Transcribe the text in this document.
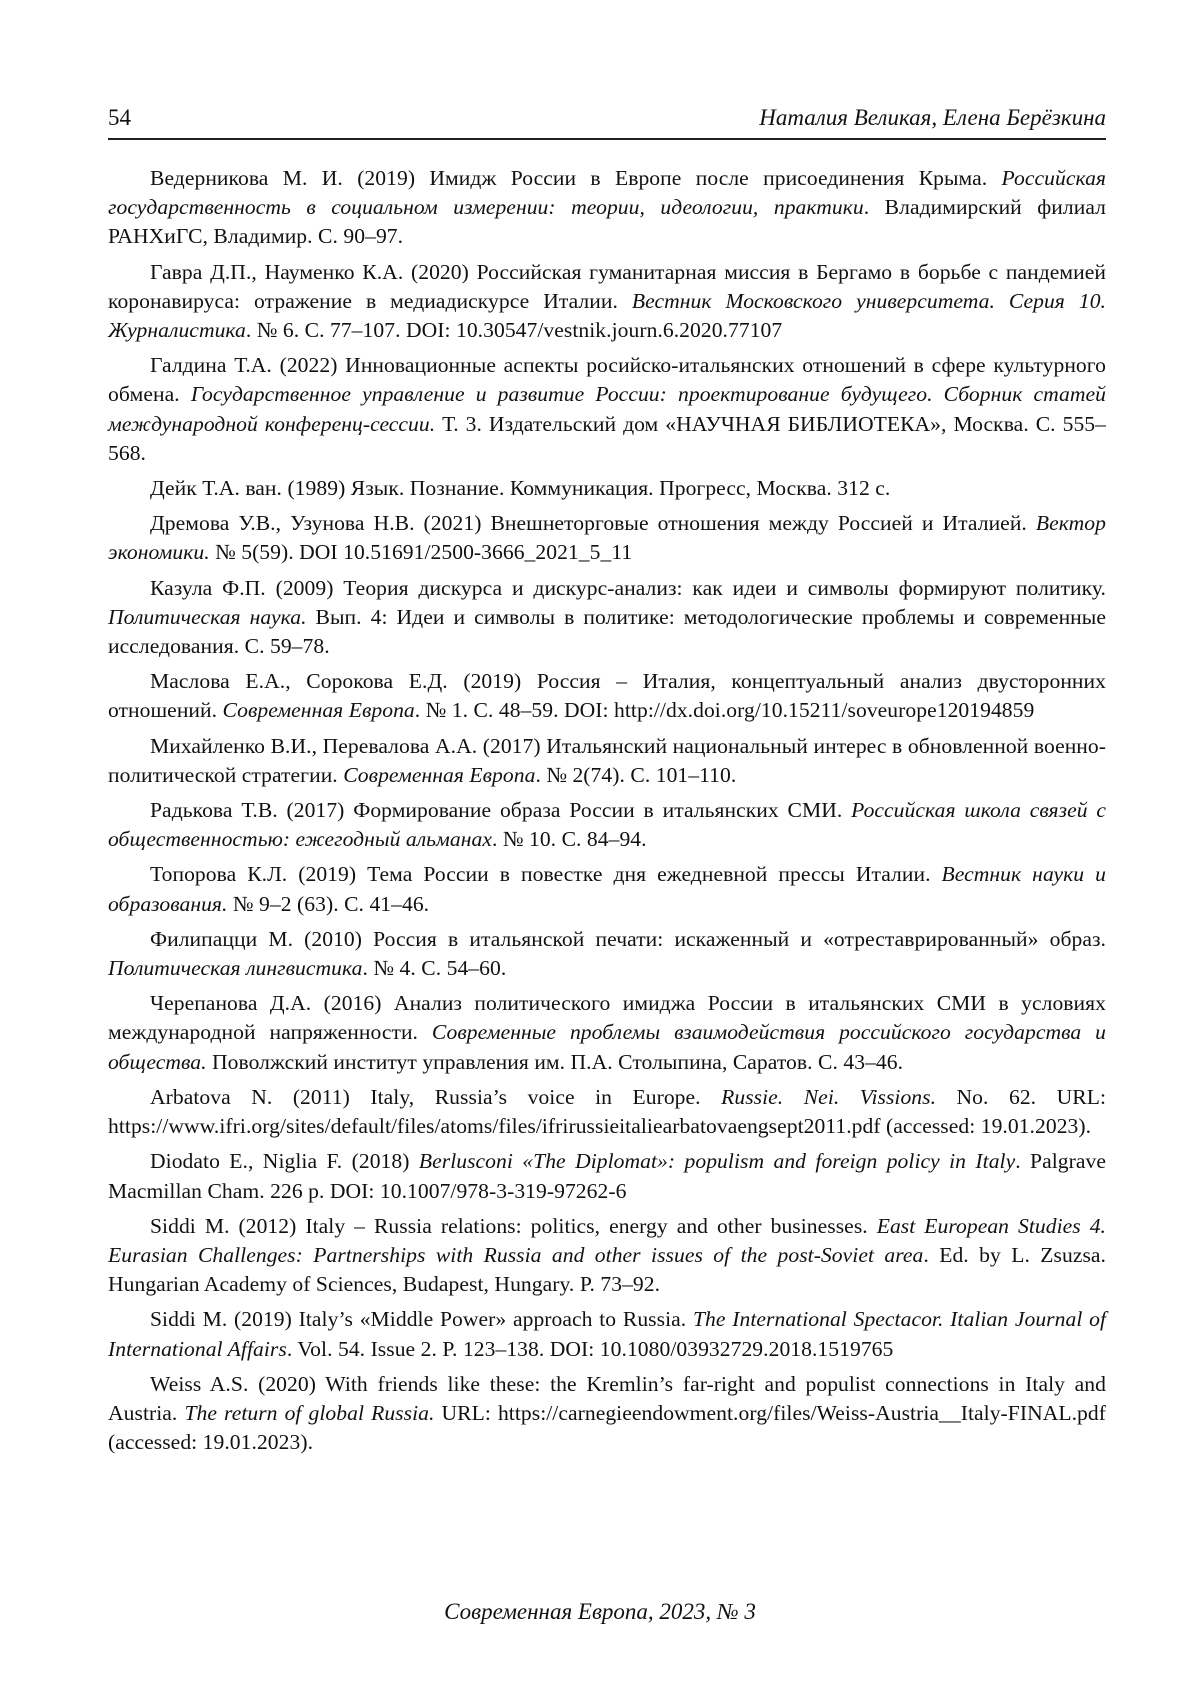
54	Наталия Великая, Елена Берёзкина

Ведерникова М. И. (2019) Имидж России в Европе после присоединения Крыма. Российская государственность в социальном измерении: теории, идеологии, практики. Владимирский филиал РАНХиГС, Владимир. С. 90–97.

Гавра Д.П., Науменко К.А. (2020) Российская гуманитарная миссия в Бергамо в борьбе с пандемией коронавируса: отражение в медиадискурсе Италии. Вестник Московского университета. Серия 10. Журналистика. № 6. С. 77–107. DOI: 10.30547/vestnik.journ.6.2020.77107

Галдина Т.А. (2022) Инновационные аспекты росийско-итальянских отношений в сфере культурного обмена. Государственное управление и развитие России: проектирование будущего. Сборник статей международной конференц-сессии. Т. 3. Издательский дом «НАУЧНАЯ БИБЛИОТЕКА», Москва. С. 555–568.

Дейк Т.А. ван. (1989) Язык. Познание. Коммуникация. Прогресс, Москва. 312 с.

Дремова У.В., Узунова Н.В. (2021) Внешнеторговые отношения между Россией и Италией. Вектор экономики. № 5(59). DOI 10.51691/2500-3666_2021_5_11

Казула Ф.П. (2009) Теория дискурса и дискурс-анализ: как идеи и символы формируют политику. Политическая наука. Вып. 4: Идеи и символы в политике: методологические проблемы и современные исследования. С. 59–78.

Маслова Е.А., Сорокова Е.Д. (2019) Россия – Италия, концептуальный анализ двусторонних отношений. Современная Европа. № 1. С. 48–59. DOI: http://dx.doi.org/10.15211/soveurope120194859

Михайленко В.И., Перевалова А.А. (2017) Итальянский национальный интерес в обновленной военно-политической стратегии. Современная Европа. № 2(74). С. 101–110.

Радькова Т.В. (2017) Формирование образа России в итальянских СМИ. Российская школа связей с общественностью: ежегодный альманах. № 10. С. 84–94.

Топорова К.Л. (2019) Тема России в повестке дня ежедневной прессы Италии. Вестник науки и образования. № 9–2 (63). С. 41–46.

Филипацци М. (2010) Россия в итальянской печати: искаженный и «отреставрированный» образ. Политическая лингвистика. № 4. С. 54–60.

Черепанова Д.А. (2016) Анализ политического имиджа России в итальянских СМИ в условиях международной напряженности. Современные проблемы взаимодействия российского государства и общества. Поволжский институт управления им. П.А. Столыпина, Саратов. С. 43–46.

Arbatova N. (2011) Italy, Russia’s voice in Europe. Russie. Nei. Vissions. No. 62. URL: https://www.ifri.org/sites/default/files/atoms/files/ifrirussieitaliearbatovaengsept2011.pdf (accessed: 19.01.2023).

Diodato E., Niglia F. (2018) Berlusconi «The Diplomat»: populism and foreign policy in Italy. Palgrave Macmillan Cham. 226 p. DOI: 10.1007/978-3-319-97262-6

Siddi M. (2012) Italy – Russia relations: politics, energy and other businesses. East European Studies 4. Eurasian Challenges: Partnerships with Russia and other issues of the post-Soviet area. Ed. by L. Zsuzsa. Hungarian Academy of Sciences, Budapest, Hungary. P. 73–92.

Siddi M. (2019) Italy’s «Middle Power» approach to Russia. The International Spectacor. Italian Journal of International Affairs. Vol. 54. Issue 2. P. 123–138. DOI: 10.1080/03932729.2018.1519765

Weiss A.S. (2020) With friends like these: the Kremlin’s far-right and populist connections in Italy and Austria. The return of global Russia. URL: https://carnegieendowment.org/files/Weiss-Austria__Italy-FINAL.pdf (accessed: 19.01.2023).

Современная Европа, 2023, № 3
